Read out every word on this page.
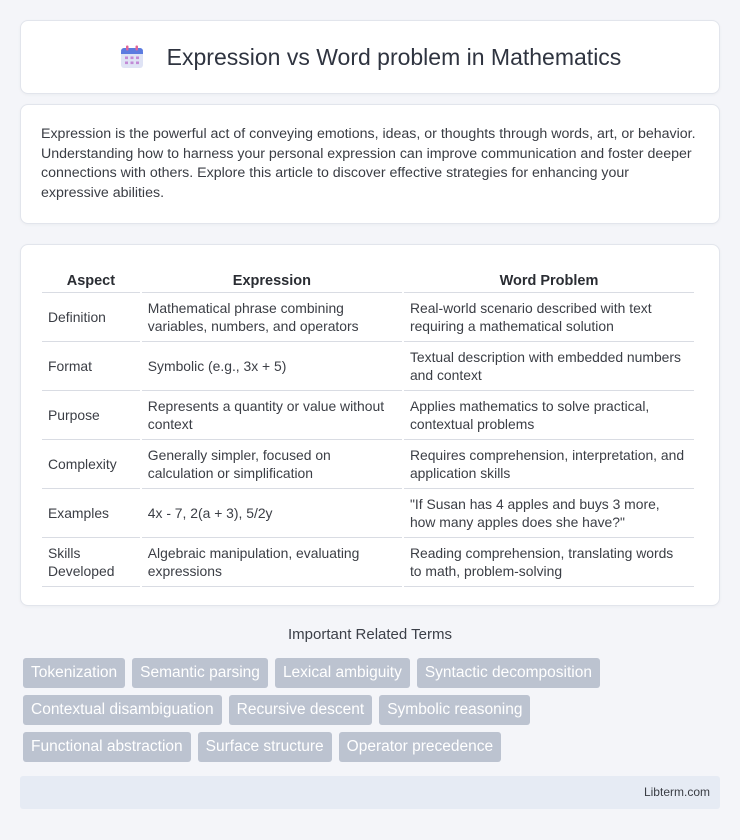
Expression vs Word problem in Mathematics

Expression is the powerful act of conveying emotions, ideas, or thoughts through words, art, or behavior. Understanding how to harness your personal expression can improve communication and foster deeper connections with others. Explore this article to discover effective strategies for enhancing your expressive abilities.

Aspect	Expression	Word Problem
Definition	Mathematical phrase combining variables, numbers, and operators	Real-world scenario described with text requiring a mathematical solution
Format	Symbolic (e.g., 3x + 5)	Textual description with embedded numbers and context
Purpose	Represents a quantity or value without context	Applies mathematics to solve practical, contextual problems
Complexity	Generally simpler, focused on calculation or simplification	Requires comprehension, interpretation, and application skills
Examples	4x - 7, 2(a + 3), 5/2y	"If Susan has 4 apples and buys 3 more, how many apples does she have?"
Skills Developed	Algebraic manipulation, evaluating expressions	Reading comprehension, translating words to math, problem-solving
Important Related Terms
Tokenization	Semantic parsing	Lexical ambiguity	Syntactic decomposition
Contextual disambiguation	Recursive descent	Symbolic reasoning
Functional abstraction	Surface structure	Operator precedence
Libterm.com
